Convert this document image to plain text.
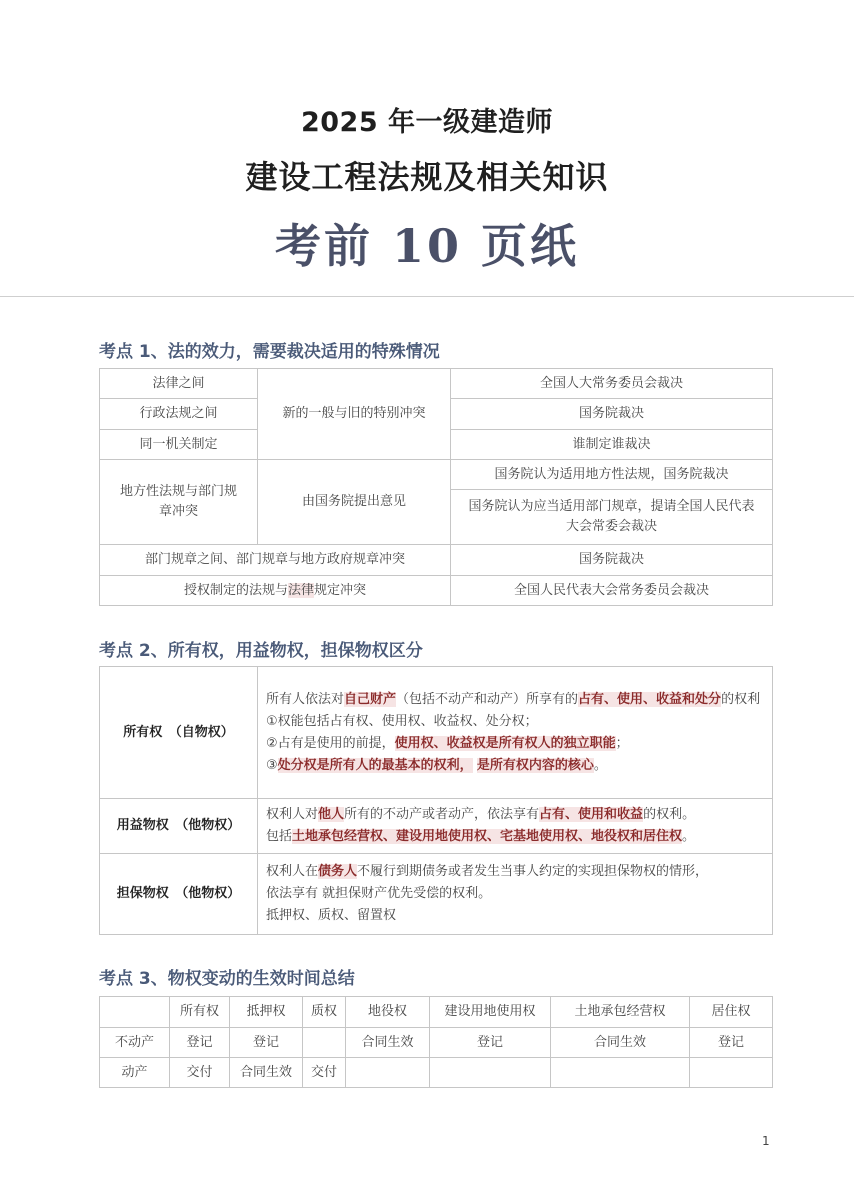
2025 年一级建造师
建设工程法规及相关知识
考前 10 页纸
考点 1、法的效力，需要裁决适用的特殊情况
法律之间	新的一般与旧的特别冲突	全国人大常务委员会裁决
行政法规之间		国务院裁决
同一机关制定		谁制定谁裁决
地方性法规与部门规章冲突	由国务院提出意见	国务院认为适用地方性法规，国务院裁决
		国务院认为应当适用部门规章，提请全国人民代表大会常委会裁决
部门规章之间、部门规章与地方政府规章冲突		国务院裁决
授权制定的法规与法律规定冲突		全国人民代表大会常务委员会裁决
考点 2、所有权，用益物权，担保物权区分
所有权　（自物权）	所有人依法对自己财产（包括不动产和动产）所享有的占有、使用、收益和处分的权利
①权能包括占有权、使用权、收益权、处分权；
②占有是使用的前提，使用权、收益权是所有权人的独立职能；
③处分权是所有人的最基本的权利， 是所有权内容的核心。

用益物权　（他物权）	权利人对他人所有的不动产或者动产，依法享有占有、使用和收益的权利。
包括土地承包经营权、建设用地使用权、宅基地使用权、地役权和居住权。

担保物权　（他物权）	权利人在债务人不履行到期债务或者发生当事人约定的实现担保物权的情形，
依法享有 就担保财产优先受偿的权利。
抵押权、质权、留置权
考点 3、物权变动的生效时间总结
	所有权	抵押权	质权	地役权	建设用地使用权	土地承包经营权	居住权
不动产	登记	登记		合同生效	登记	合同生效	登记
动产	交付	合同生效	交付				
1
